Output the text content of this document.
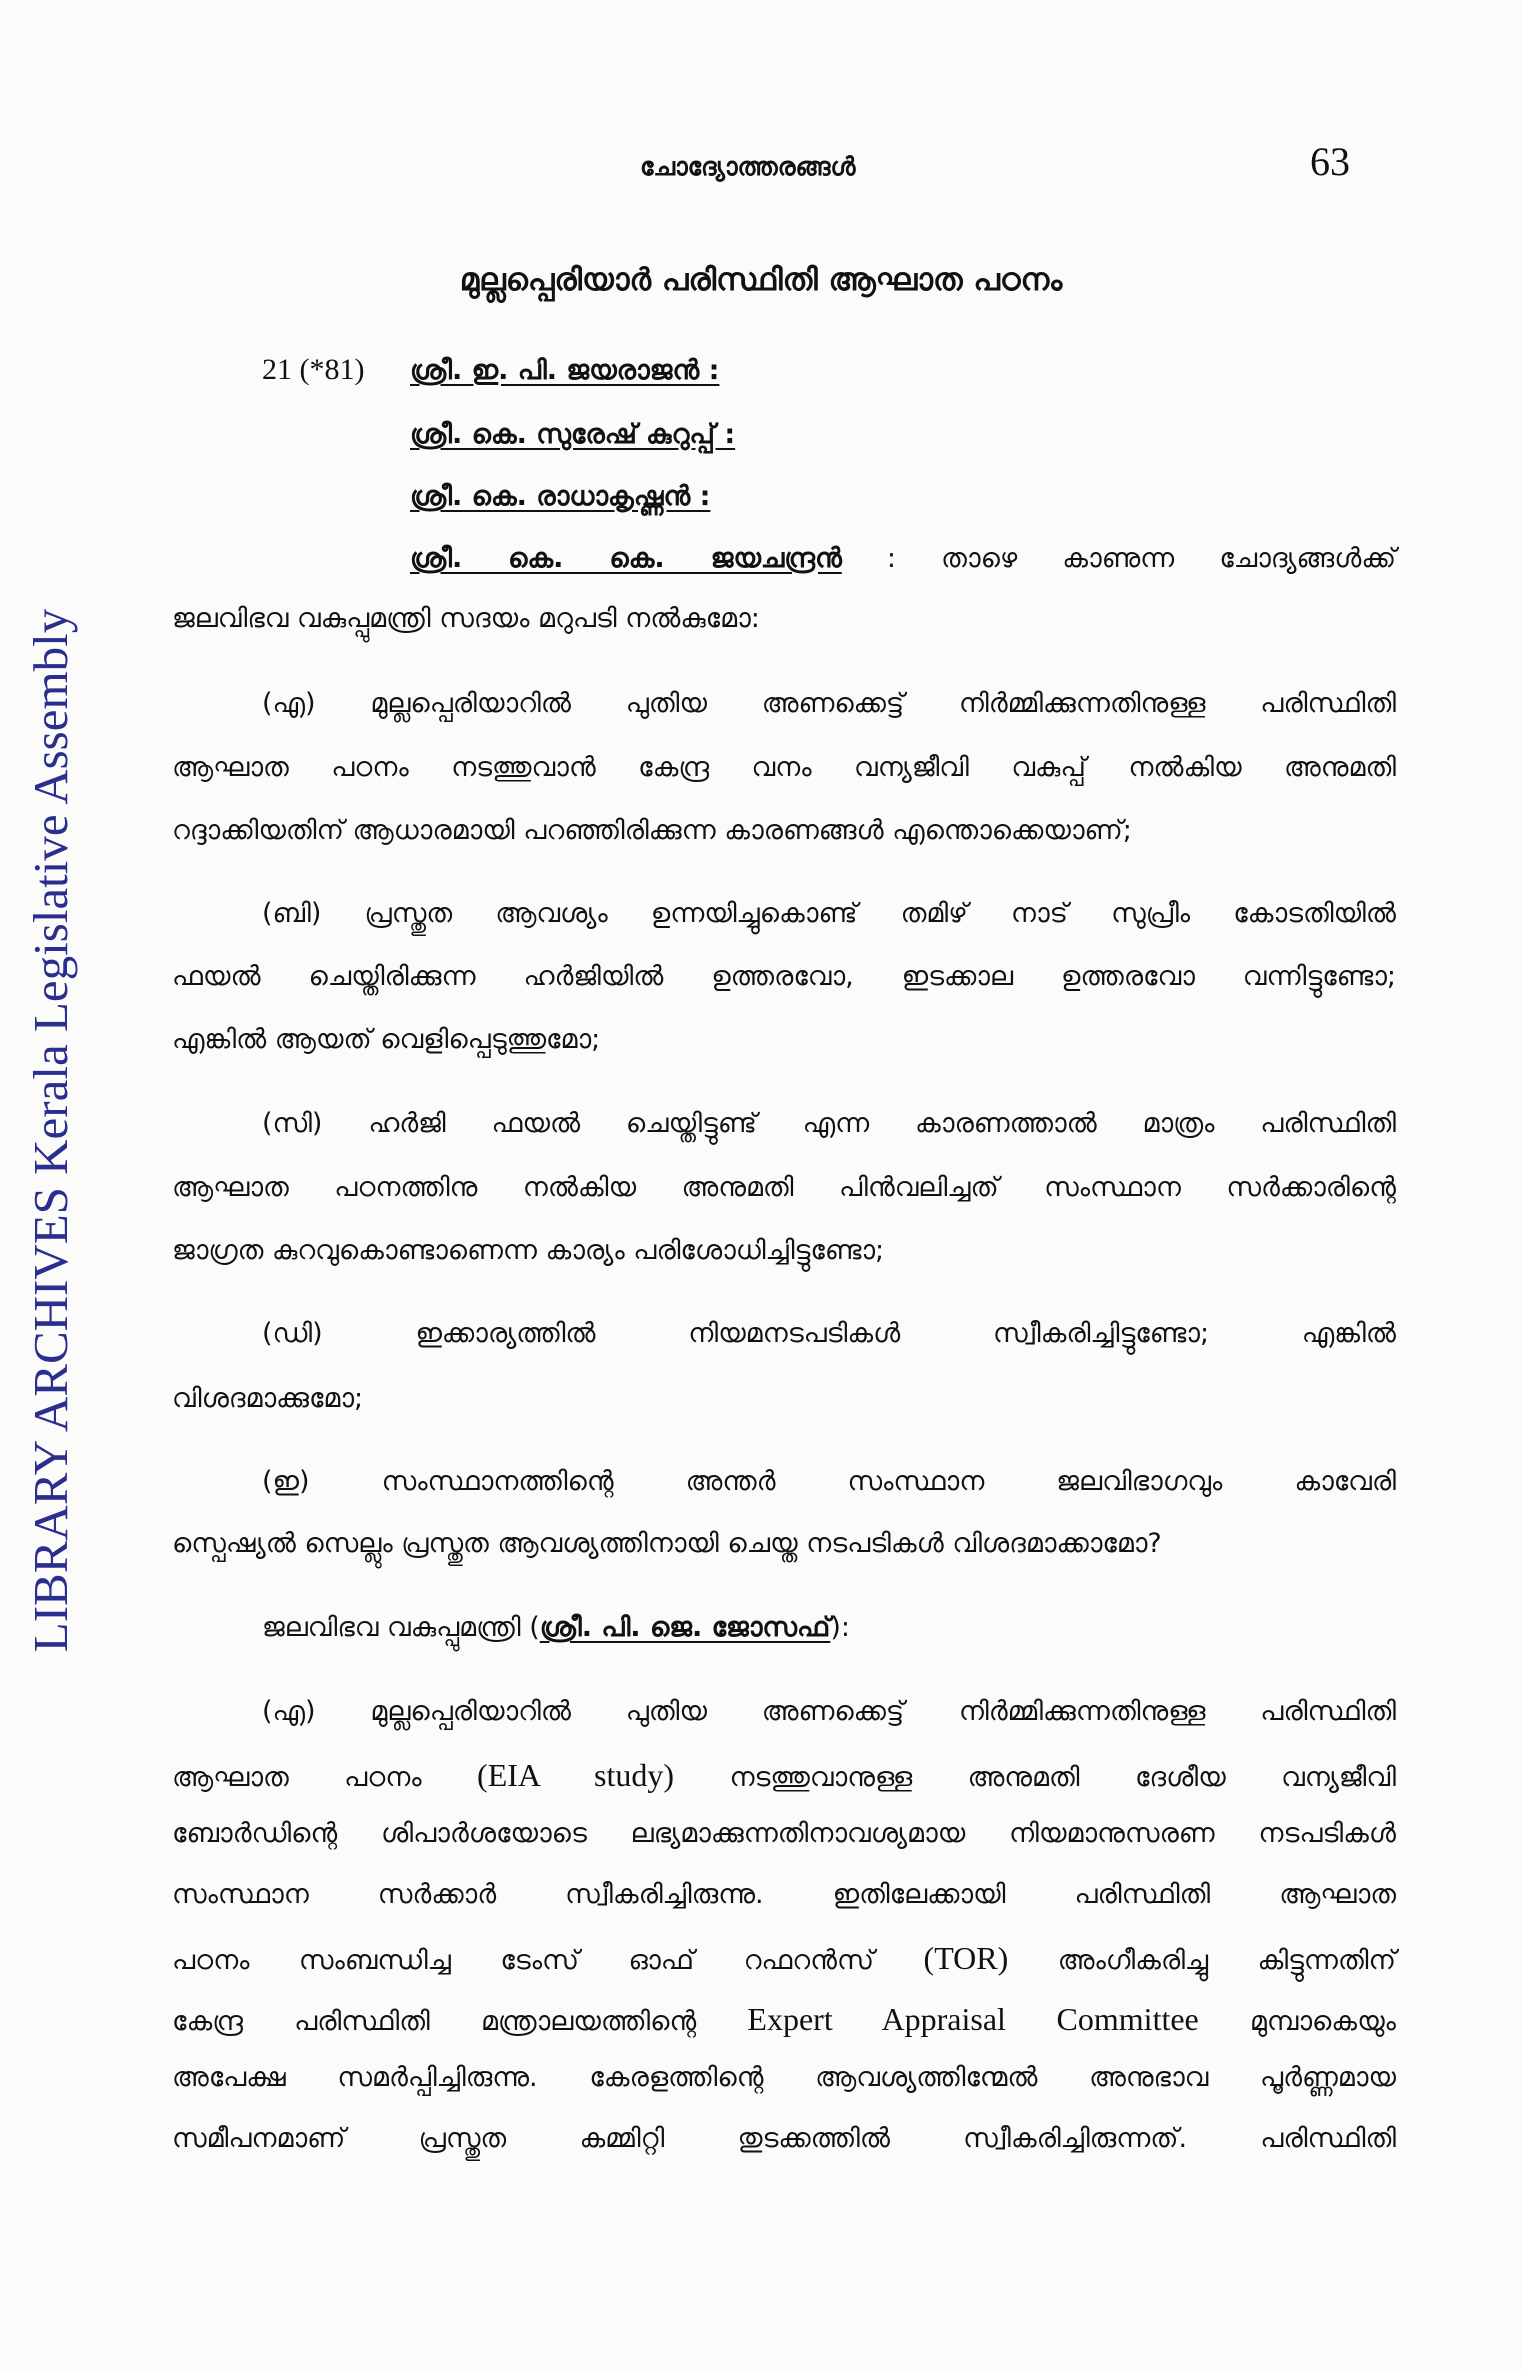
LIBRARY ARCHIVES Kerala Legislative Assembly
ചോദ്യോത്തരങ്ങൾ	63
മുല്ലപ്പെരിയാർ പരിസ്ഥിതി ആഘാത പഠനം
21 (*81) ശ്രീ. ഇ. പി. ജയരാജൻ :
ശ്രീ. കെ. സുരേഷ് കുറുപ്പ് :
ശ്രീ. കെ. രാധാകൃഷ്ണൻ :
ശ്രീ. കെ. കെ. ജയചന്ദ്രൻ : താഴെ കാണുന്ന ചോദ്യങ്ങൾക്ക്
ജലവിഭവ വകുപ്പുമന്ത്രി സദയം മറുപടി നൽകുമോ:
(എ) മുല്ലപ്പെരിയാറിൽ പുതിയ അണക്കെട്ട് നിർമ്മിക്കുന്നതിനുള്ള പരിസ്ഥിതി
ആഘാത പഠനം നടത്തുവാൻ കേന്ദ്ര വനം വന്യജീവി വകുപ്പ് നൽകിയ അനുമതി
റദ്ദാക്കിയതിന് ആധാരമായി പറഞ്ഞിരിക്കുന്ന കാരണങ്ങൾ എന്തൊക്കെയാണ്;
(ബി) പ്രസ്തുത ആവശ്യം ഉന്നയിച്ചുകൊണ്ട് തമിഴ് നാട് സുപ്രീം കോടതിയിൽ
ഫയൽ ചെയ്തിരിക്കുന്ന ഹർജിയിൽ ഉത്തരവോ, ഇടക്കാല ഉത്തരവോ വന്നിട്ടുണ്ടോ;
എങ്കിൽ ആയത് വെളിപ്പെടുത്തുമോ;
(സി) ഹർജി ഫയൽ ചെയ്തിട്ടുണ്ട് എന്ന കാരണത്താൽ മാത്രം പരിസ്ഥിതി
ആഘാത പഠനത്തിനു നൽകിയ അനുമതി പിൻവലിച്ചത് സംസ്ഥാന സർക്കാരിന്റെ
ജാഗ്രത കുറവുകൊണ്ടാണെന്ന കാര്യം പരിശോധിച്ചിട്ടുണ്ടോ;
(ഡി) ഇക്കാര്യത്തിൽ നിയമനടപടികൾ സ്വീകരിച്ചിട്ടുണ്ടോ; എങ്കിൽ
വിശദമാക്കുമോ;
(ഇ) സംസ്ഥാനത്തിന്റെ അന്തർ സംസ്ഥാന ജലവിഭാഗവും കാവേരി
സ്പെഷ്യൽ സെല്ലും പ്രസ്തുത ആവശ്യത്തിനായി ചെയ്ത നടപടികൾ വിശദമാക്കാമോ?
ജലവിഭവ വകുപ്പുമന്ത്രി (ശ്രീ. പി. ജെ. ജോസഫ്):
(എ) മുല്ലപ്പെരിയാറിൽ പുതിയ അണക്കെട്ട് നിർമ്മിക്കുന്നതിനുള്ള പരിസ്ഥിതി
ആഘാത പഠനം (EIA study) നടത്തുവാനുള്ള അനുമതി ദേശീയ വന്യജീവി
ബോർഡിന്റെ ശിപാർശയോടെ ലഭ്യമാക്കുന്നതിനാവശ്യമായ നിയമാനുസരണ നടപടികൾ
സംസ്ഥാന സർക്കാർ സ്വീകരിച്ചിരുന്നു. ഇതിലേക്കായി പരിസ്ഥിതി ആഘാത
പഠനം സംബന്ധിച്ച ടേംസ് ഓഫ് റഫറൻസ് (TOR) അംഗീകരിച്ചു കിട്ടുന്നതിന്
കേന്ദ്ര പരിസ്ഥിതി മന്ത്രാലയത്തിന്റെ Expert Appraisal Committee മുമ്പാകെയും
അപേക്ഷ സമർപ്പിച്ചിരുന്നു. കേരളത്തിന്റെ ആവശ്യത്തിന്മേൽ അനുഭാവ പൂർണ്ണമായ
സമീപനമാണ് പ്രസ്തുത കമ്മിറ്റി തുടക്കത്തിൽ സ്വീകരിച്ചിരുന്നത്. പരിസ്ഥിതി
